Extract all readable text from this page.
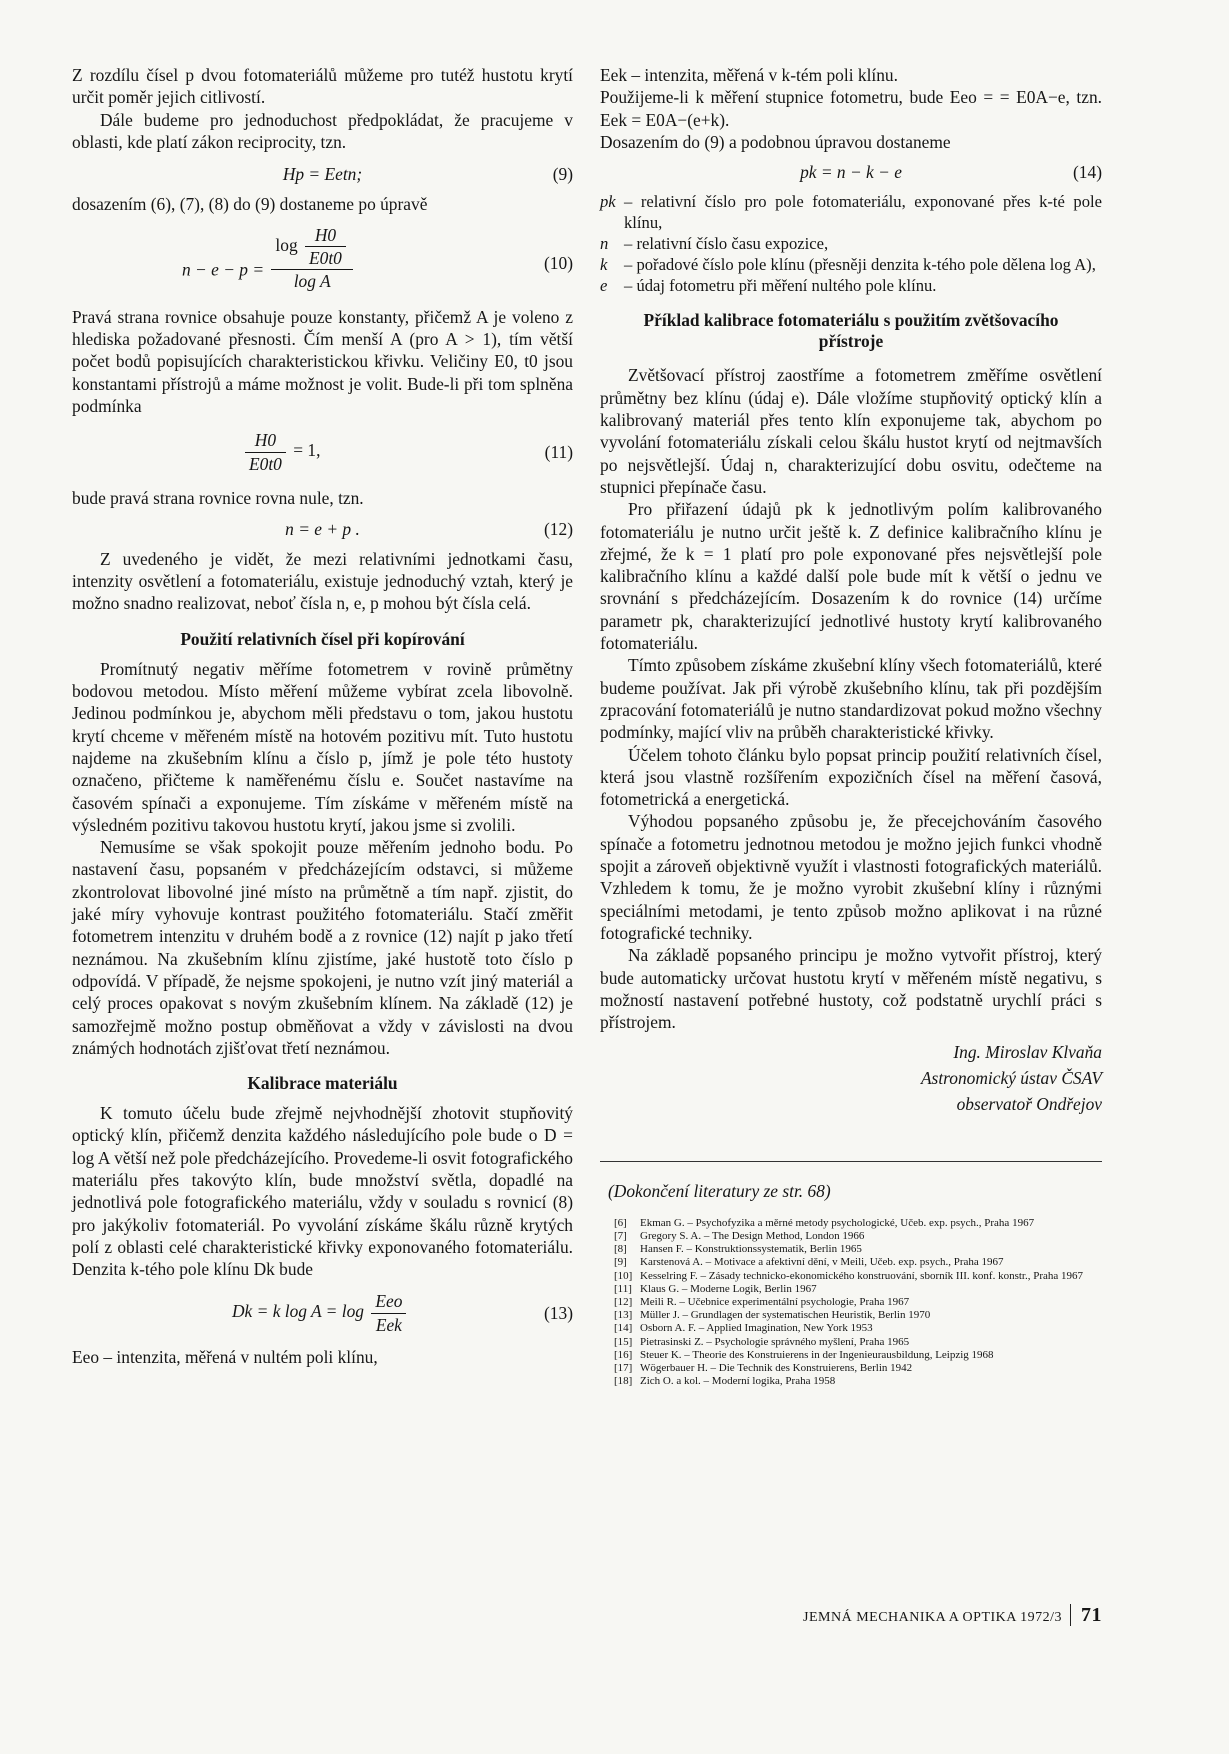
Z rozdílu čísel p dvou fotomateriálů můžeme pro tutéž hustotu krytí určit poměr jejich citlivostí.

Dále budeme pro jednoduchost předpokládat, že pracujeme v oblasti, kde platí zákon reciprocity, tzn.

Hp = Eetn;	(9)

dosazením (6), (7), (8) do (9) dostaneme po úpravě

$n - e - p = \frac{\log \frac{H0}{E0t0}}{\text{log A}}$	(10)

Pravá strana rovnice obsahuje pouze konstanty, přičemž A je voleno z hlediska požadované přesnosti. Čím menší A (pro A > 1), tím větší počet bodů popisujících charakteristickou křivku. Veličiny E0, t0 jsou konstantami přístrojů a máme možnost je volit. Bude-li při tom splněna podmínka

$\frac{H0}{E0t0} = 1$,	(11)

bude pravá strana rovnice rovna nule, tzn.

n = e + p .	(12)

Z uvedeného je vidět, že mezi relativními jednotkami času, intenzity osvětlení a fotomateriálu, existuje jednoduchý vztah, který je možno snadno realizovat, neboť čísla n, e, p mohou být čísla celá.

Použití relativních čísel při kopírování

Promítnutý negativ měříme fotometrem v rovině průmětny bodovou metodou. Místo měření můžeme vybírat zcela libovolně. Jedinou podmínkou je, abychom měli představu o tom, jakou hustotu krytí chceme v měřeném místě na hotovém pozitivu mít. Tuto hustotu najdeme na zkušebním klínu a číslo p, jímž je pole této hustoty označeno, přičteme k naměřenému číslu e. Součet nastavíme na časovém spínači a exponujeme. Tím získáme v měřeném místě na výsledném pozitivu takovou hustotu krytí, jakou jsme si zvolili.

Nemusíme se však spokojit pouze měřením jednoho bodu. Po nastavení času, popsaném v předcházejícím odstavci, si můžeme zkontrolovat libovolné jiné místo na průmětně a tím např. zjistit, do jaké míry vyhovuje kontrast použitého fotomateriálu. Stačí změřit fotometrem intenzitu v druhém bodě a z rovnice (12) najít p jako třetí neznámou. Na zkušebním klínu zjistíme, jaké hustotě toto číslo p odpovídá. V případě, že nejsme spokojeni, je nutno vzít jiný materiál a celý proces opakovat s novým zkušebním klínem. Na základě (12) je samozřejmě možno postup obměňovat a vždy v závislosti na dvou známých hodnotách zjišťovat třetí neznámou.

Kalibrace materiálu

K tomuto účelu bude zřejmě nejvhodnější zhotovit stupňovitý optický klín, přičemž denzita každého následujícího pole bude o D = log A větší než pole předcházejícího. Provedeme-li osvit fotografického materiálu přes takovýto klín, bude množství světla, dopadlé na jednotlivá pole fotografického materiálu, vždy v souladu s rovnicí (8) pro jakýkoliv fotomateriál. Po vyvolání získáme škálu různě krytých polí z oblasti celé charakteristické křivky exponovaného fotomateriálu. Denzita k-tého pole klínu Dk bude

Dk = k $\log A = \log \frac{\text{Eeo}}{\text{Eek}}$	(13)

Eeo – intenzita, měřená v nultém poli klínu,

Eek – intenzita, měřená v k-tém poli klínu.

Použijeme-li k měření stupnice fotometru, bude Eeo = = E0A−e, tzn. Eek = E0A−(e+k).

Dosazením do (9) a podobnou úpravou dostaneme

pk = n − k − e	(14)
pk – relativní číslo pro pole fotomateriálu, exponované přes k-té pole klínu,
n – relativní číslo času expozice,
k	– pořadové číslo pole klínu (přesněji denzita k-tého pole dělena log A),
e	– údaj fotometru při měření nultého pole klínu.
Příklad kalibrace fotomateriálu s použitím zvětšovacího přístroje

Zvětšovací přístroj zaostříme a fotometrem změříme osvětlení průmětny bez klínu (údaj e). Dále vložíme stupňovitý optický klín a kalibrovaný materiál přes tento klín exponujeme tak, abychom po vyvolání fotomateriálu získali celou škálu hustot krytí od nejtmavších po nejsvětlejší. Údaj n, charakterizující dobu osvitu, odečteme na stupnici přepínače času.

Pro přiřazení údajů pk k jednotlivým polím kalibrovaného fotomateriálu je nutno určit ještě k. Z definice kalibračního klínu je zřejmé, že k = 1 platí pro pole exponované přes nejsvětlejší pole kalibračního klínu a každé další pole bude mít k větší o jednu ve srovnání s předcházejícím. Dosazením k do rovnice (14) určíme parametr pk, charakterizující jednotlivé hustoty krytí kalibrovaného fotomateriálu.

Tímto způsobem získáme zkušební klíny všech fotomateriálů, které budeme používat. Jak při výrobě zkušebního klínu, tak při pozdějším zpracování fotomateriálů je nutno standardizovat pokud možno všechny podmínky, mající vliv na průběh charakteristické křivky.

Účelem tohoto článku bylo popsat princip použití relativních čísel, která jsou vlastně rozšířením expozičních čísel na měření časová, fotometrická a energetická.

Výhodou popsaného způsobu je, že přecejchováním časového spínače a fotometru jednotnou metodou je možno jejich funkci vhodně spojit a zároveň objektivně využít i vlastnosti fotografických materiálů. Vzhledem k tomu, že je možno vyrobit zkušební klíny i různými speciálními metodami, je tento způsob možno aplikovat i na různé fotografické techniky.

Na základě popsaného principu je možno vytvořit přístroj, který bude automaticky určovat hustotu krytí v měřeném místě negativu, s možností nastavení potřebné hustoty, což podstatně urychlí práci s přístrojem.

Ing. Miroslav Klvaňa
Astronomický ústav ČSAV
observatoř Ondřejov
(Dokončení literatury ze str. 68)
[6]	Ekman G. – Psychofyzika a měrné metody psychologické, Učeb. exp. psych., Praha 1967
[7]	Gregory S. A. – The Design Method, London 1966
[8]	Hansen F. – Konstruktionssystematik, Berlin 1965
[9]	Karstenová A. – Motivace a afektivní dění, v Meili, Učeb. exp. psych., Praha 1967
[10] Kesselring F. – Zásady technicko-ekonomického konstruování, sborník III. konf. konstr., Praha 1967
[11] Klaus G. – Moderne Logik, Berlin 1967
[12] Meili R. – Učebnice experimentální psychologie, Praha 1967
[13] Müller J. – Grundlagen der systematischen Heuristik, Berlin 1970
[14] Osborn A. F. – Applied Imagination, New York 1953
[15] Pietrasinski Z. – Psychologie správného myšlení, Praha 1965
[16] Steuer K. – Theorie des Konstruierens in der Ingenieurausbildung, Leipzig 1968
[17] Wögerbauer H. – Die Technik des Konstruierens, Berlin 1942
[18] Zich O. a kol. – Moderní logika, Praha 1958
JEMNÁ MECHANIKA A OPTIKA 1972/3 71
